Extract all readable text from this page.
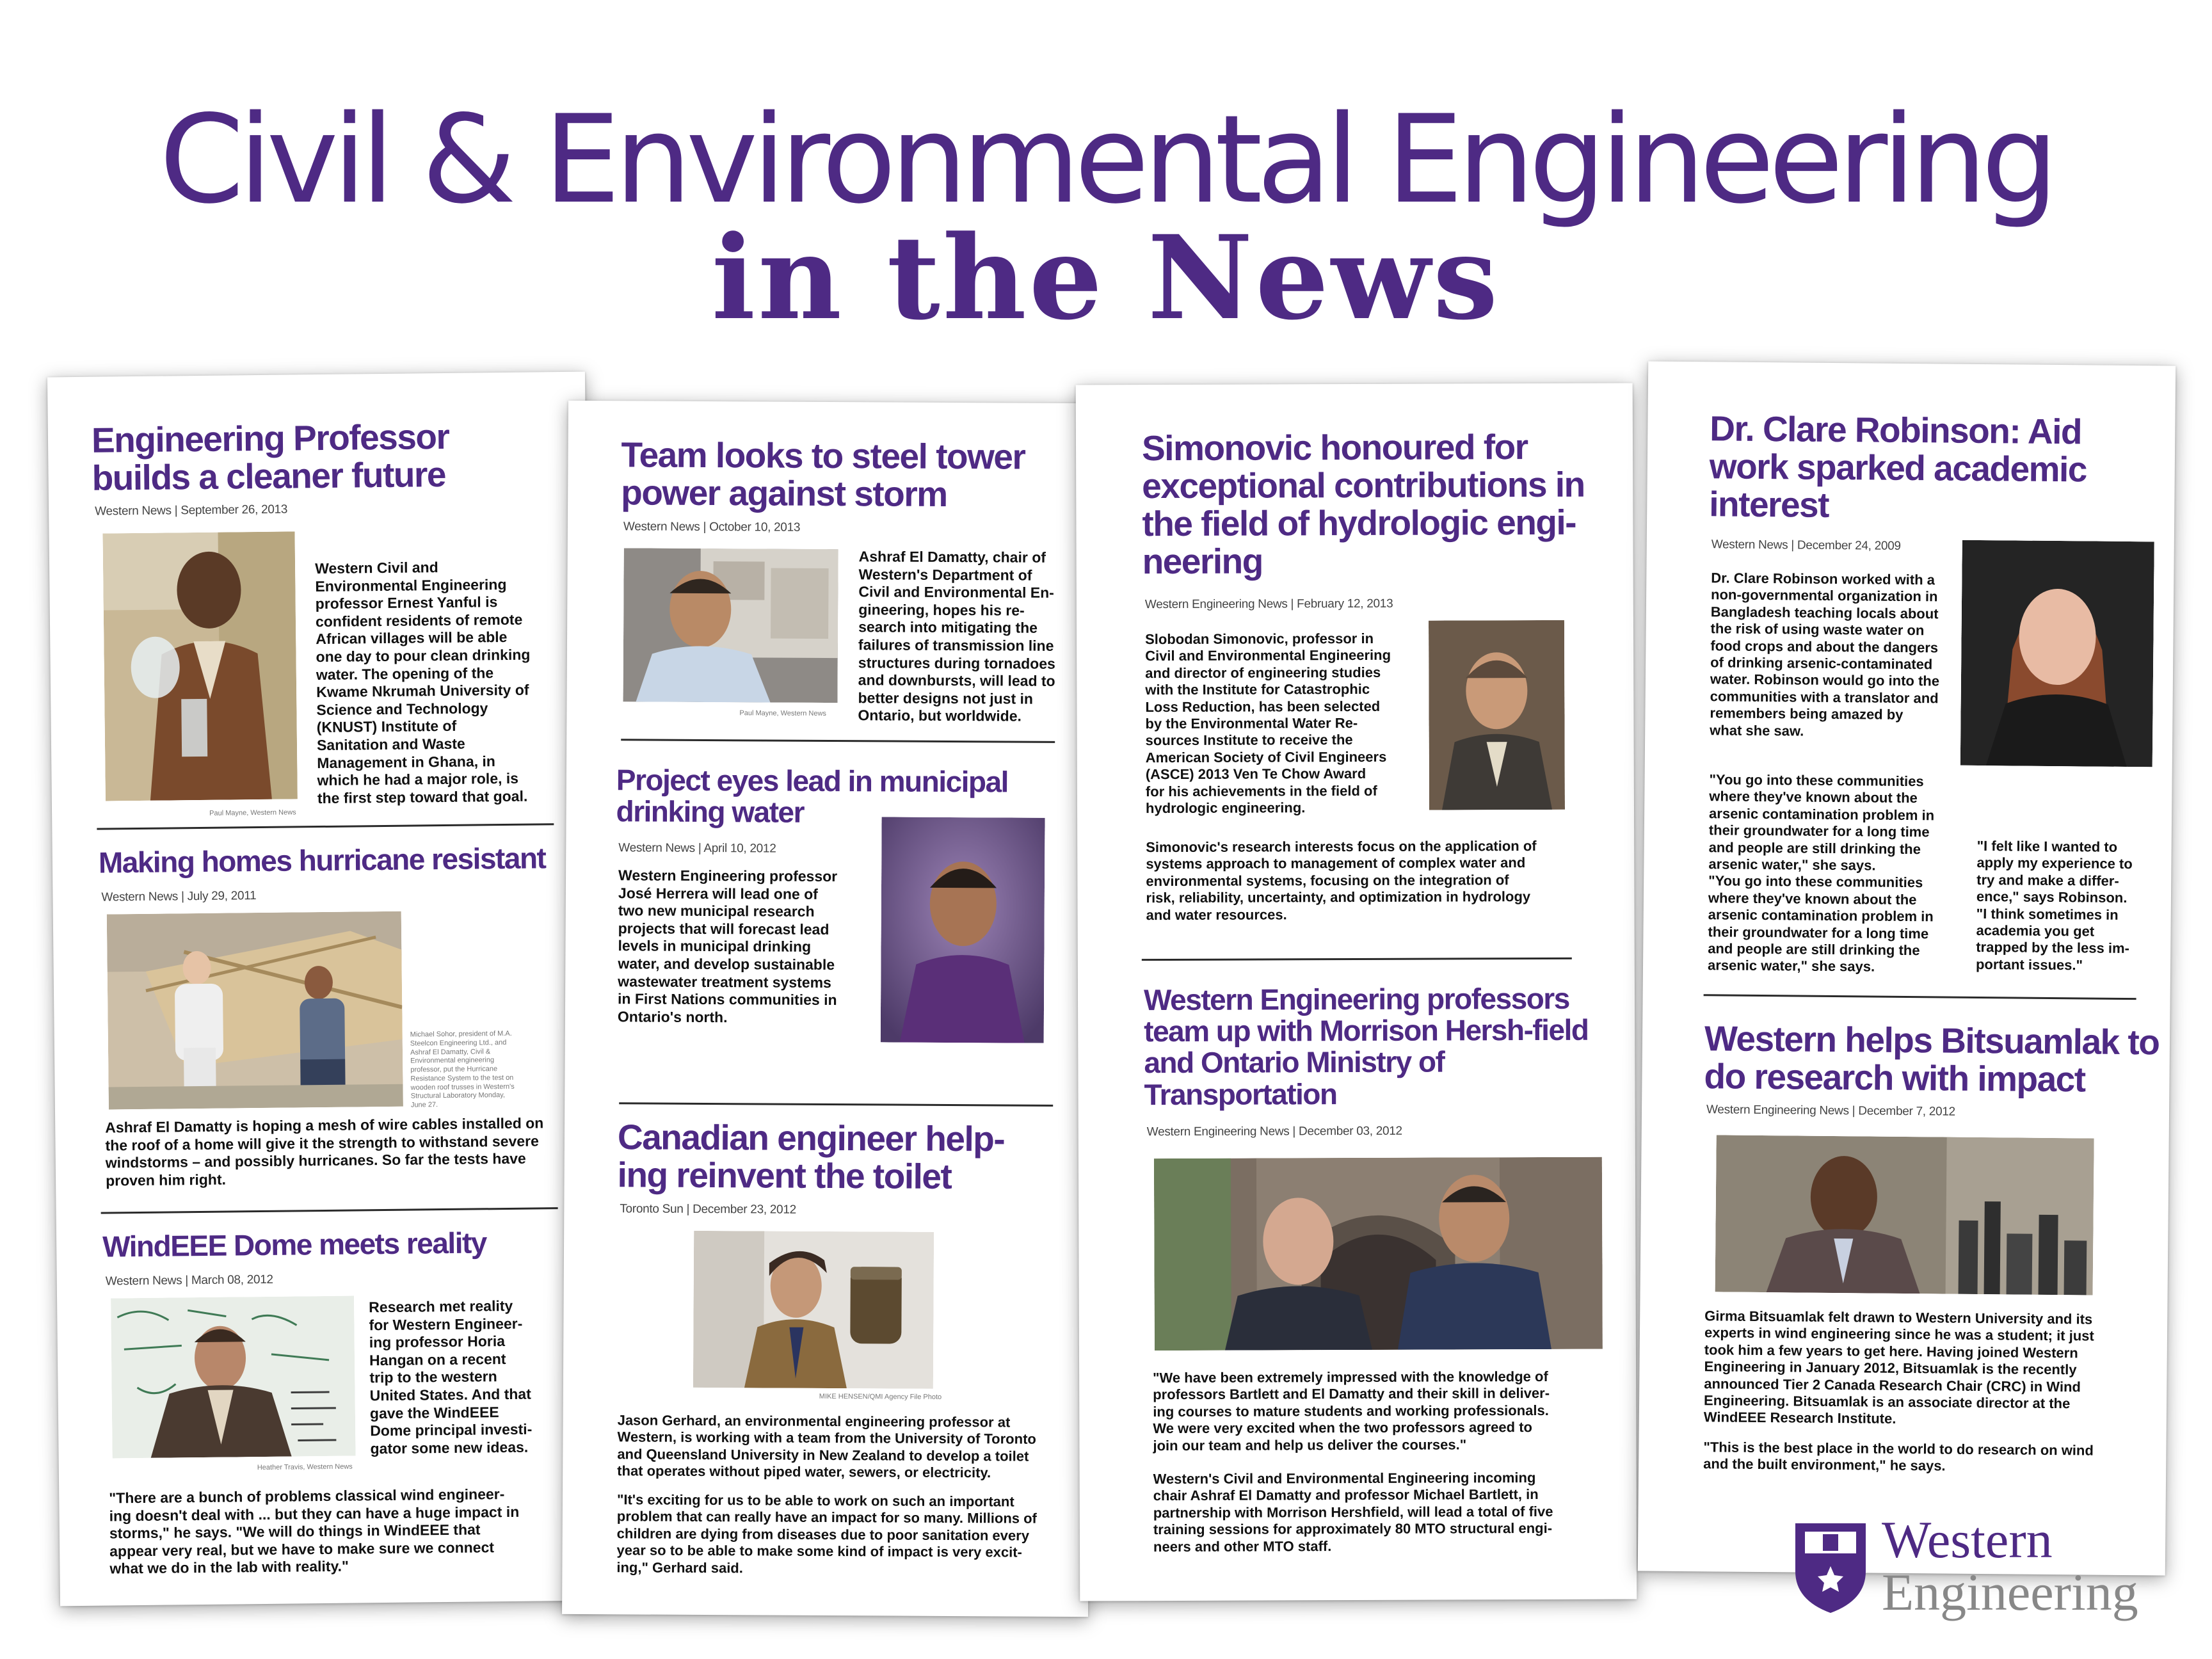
Civil & Environmental Engineering
in the News
Engineering Professor builds a cleaner future
Western News | September 26, 2013
Western Civil and
Environmental Engineering
professor Ernest Yanful is
confident residents of remote
African villages will be able
one day to pour clean drinking
water. The opening of the
Kwame Nkrumah University of
Science and Technology
(KNUST) Institute of
Sanitation and Waste
Management in Ghana, in
which he had a major role, is
the first step toward that goal.
Paul Mayne, Western News
Making homes hurricane resistant
Western News | July 29, 2011
Michael Sohor, president of M.A. Steelcon Engineering Ltd., and Ashraf El Damatty, Civil & Environmental engineering professor, put the Hurricane Resistance System to the test on wooden roof trusses in Western's Structural Laboratory Monday, June 27.
Ashraf El Damatty is hoping a mesh of wire cables installed on
the roof of a home will give it the strength to withstand severe
windstorms – and possibly hurricanes. So far the tests have
proven him right.
WindEEE Dome meets reality
Western News | March 08, 2012
Research met reality
for Western Engineer-
ing professor Horia
Hangan on a recent
trip to the western
United States. And that
gave the WindEEE
Dome principal investi-
gator some new ideas.
Heather Travis, Western News
"There are a bunch of problems classical wind engineer-
ing doesn't deal with ... but they can have a huge impact in
storms," he says. "We will do things in WindEEE that
appear very real, but we have to make sure we connect
what we do in the lab with reality."
Team looks to steel tower power against storm
Western News | October 10, 2013
Ashraf El Damatty, chair of
Western's Department of
Civil and Environmental En-
gineering, hopes his re-
search into mitigating the
failures of transmission line
structures during tornadoes
and downbursts, will lead to
better designs not just in
Ontario, but worldwide.
Paul Mayne, Western News
Project eyes lead in municipal drinking water
Western News | April 10, 2012
Western Engineering professor
José Herrera will lead one of
two new municipal research
projects that will forecast lead
levels in municipal drinking
water, and develop sustainable
wastewater treatment systems
in First Nations communities in
Ontario's north.
Canadian engineer help-ing reinvent the toilet
Toronto Sun | December 23, 2012
MIKE HENSEN/QMI Agency File Photo
Jason Gerhard, an environmental engineering professor at
Western, is working with a team from the University of Toronto
and Queensland University in New Zealand to develop a toilet
that operates without piped water, sewers, or electricity.
"It's exciting for us to be able to work on such an important
problem that can really have an impact for so many. Millions of
children are dying from diseases due to poor sanitation every
year so to be able to make some kind of impact is very excit-
ing," Gerhard said.
Simonovic honoured for exceptional contributions in the field of hydrologic engi-neering
Western Engineering News | February 12, 2013
Slobodan Simonovic, professor in
Civil and Environmental Engineering
and director of engineering studies
with the Institute for Catastrophic
Loss Reduction, has been selected
by the Environmental Water Re-
sources Institute to receive the
American Society of Civil Engineers
(ASCE) 2013 Ven Te Chow Award
for his achievements in the field of
hydrologic engineering.
Simonovic's research interests focus on the application of
systems approach to management of complex water and
environmental systems, focusing on the integration of
risk, reliability, uncertainty, and optimization in hydrology
and water resources.
Western Engineering professors team up with Morrison Hersh-field and Ontario Ministry of Transportation
Western Engineering News | December 03, 2012
"We have been extremely impressed with the knowledge of
professors Bartlett and El Damatty and their skill in deliver-
ing courses to mature students and working professionals.
We were very excited when the two professors agreed to
join our team and help us deliver the courses."
Western's Civil and Environmental Engineering incoming
chair Ashraf El Damatty and professor Michael Bartlett, in
partnership with Morrison Hershfield, will lead a total of five
training sessions for approximately 80 MTO structural engi-
neers and other MTO staff.
Dr. Clare Robinson: Aid work sparked academic interest
Western News | December 24, 2009
Dr. Clare Robinson worked with a
non-governmental organization in
Bangladesh teaching locals about
the risk of using waste water on
food crops and about the dangers
of drinking arsenic-contaminated
water. Robinson would go into the
communities with a translator and
remembers being amazed by
what she saw.
"You go into these communities
where they've known about the
arsenic contamination problem in
their groundwater for a long time
and people are still drinking the
arsenic water," she says.
"You go into these communities
where they've known about the
arsenic contamination problem in
their groundwater for a long time
and people are still drinking the
arsenic water," she says.
"I felt like I wanted to
apply my experience to
try and make a differ-
ence," says Robinson.
"I think sometimes in
academia you get
trapped by the less im-
portant issues."
Western helps Bitsuamlak to do research with impact
Western Engineering News | December 7, 2012
Girma Bitsuamlak felt drawn to Western University and its
experts in wind engineering since he was a student; it just
took him a few years to get here. Having joined Western
Engineering in January 2012, Bitsuamlak is the recently
announced Tier 2 Canada Research Chair (CRC) in Wind
Engineering. Bitsuamlak is an associate director at the
WindEEE Research Institute.
"This is the best place in the world to do research on wind
and the built environment," he says.
Western
Engineering
